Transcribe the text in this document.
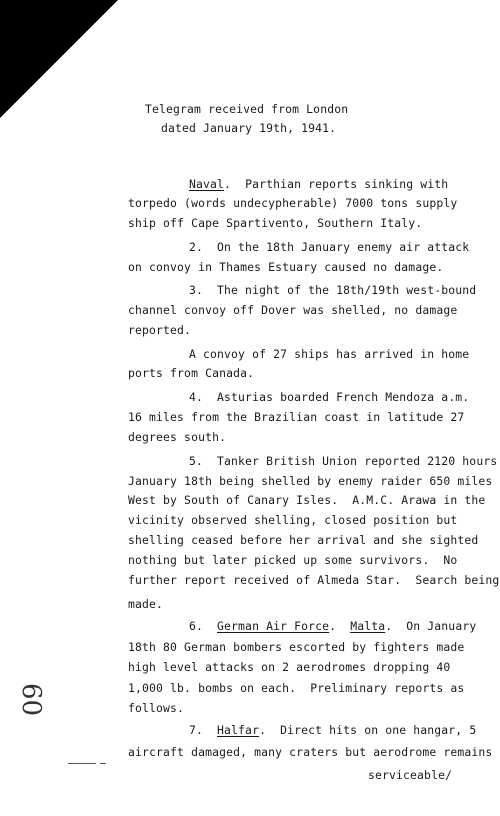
Telegram received from London
dated January 19th, 1941.
Naval.  Parthian reports sinking with
torpedo (words undecypherable) 7000 tons supply
ship off Cape Spartivento, Southern Italy.
2.  On the 18th January enemy air attack
on convoy in Thames Estuary caused no damage.
3.  The night of the 18th/19th west-bound
channel convoy off Dover was shelled, no damage
reported.
A convoy of 27 ships has arrived in home
ports from Canada.
4.  Asturias boarded French Mendoza a.m.
16 miles from the Brazilian coast in latitude 27
degrees south.
5.  Tanker British Union reported 2120 hours
January 18th being shelled by enemy raider 650 miles
West by South of Canary Isles.  A.M.C. Arawa in the
vicinity observed shelling, closed position but
shelling ceased before her arrival and she sighted
nothing but later picked up some survivors.  No
further report received of Almeda Star.  Search being
made.
6.  German Air Force.  Malta.  On January
18th 80 German bombers escorted by fighters made
high level attacks on 2 aerodromes dropping 40
1,000 lb. bombs on each.  Preliminary reports as
follows.
7.  Halfar.  Direct hits on one hangar, 5
aircraft damaged, many craters but aerodrome remains
serviceable/
60
